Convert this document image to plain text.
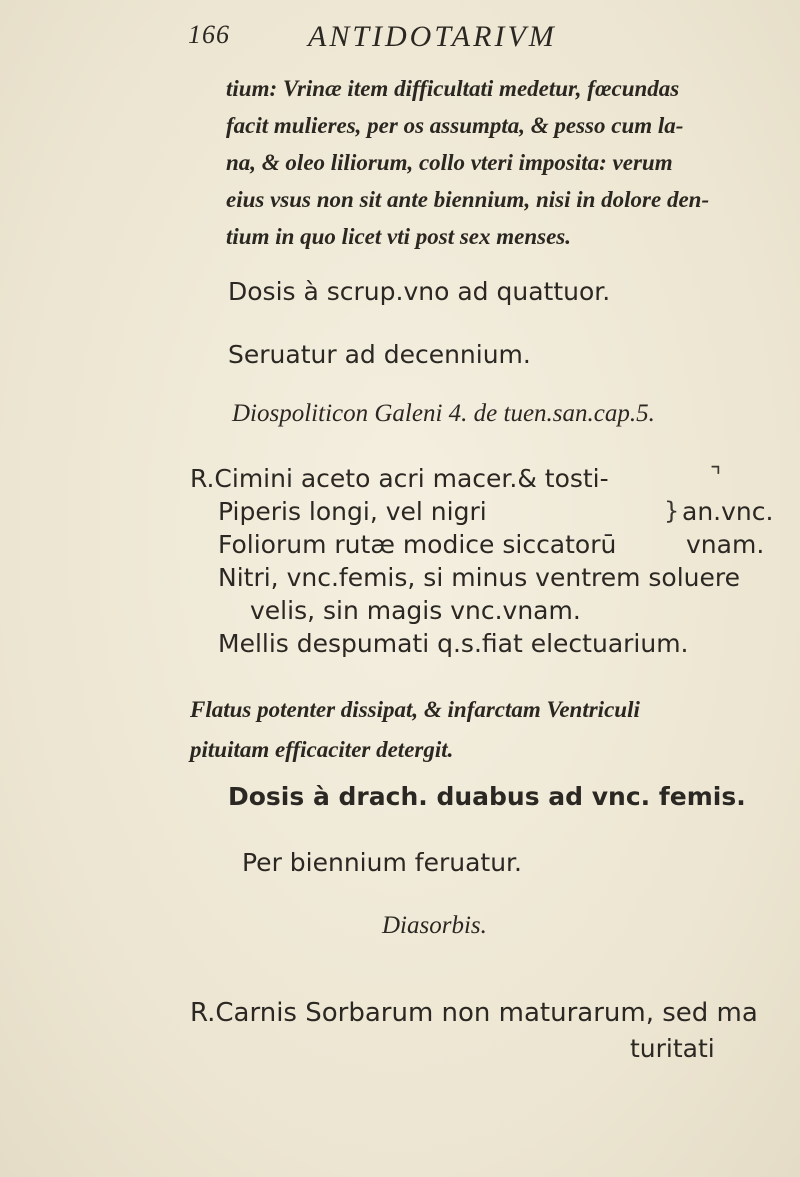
166	ANTIDOTARIVM
tium: Vrinæ item difficultati medetur, fœcundas
facit mulieres, per os assumpta, & pesso cum la-
na, & oleo liliorum, collo vteri imposita: verum
eius vsus non sit ante biennium, nisi in dolore den-
tium in quo licet vti post sex menses.
Dosis à scrup.vno ad quattuor.
Seruatur ad decennium.
Diospoliticon Galeni 4. de tuen.san.cap.5.
R.Cimini aceto acri macer.& tosti-	⌝
Piperis longi, vel nigri	} an.vnc.
Foliorum rutæ modice siccatorū	vnam.
Nitri, vnc.femis, si minus ventrem soluere
velis, sin magis vnc.vnam.
Mellis despumati q.s.fiat electuarium.
Flatus potenter dissipat, & infarctam Ventriculi
pituitam efficaciter detergit.
Dosis à drach. duabus ad vnc. femis.
Per biennium feruatur.
Diasorbis.
R.Carnis Sorbarum non maturarum, sed ma
turitati
